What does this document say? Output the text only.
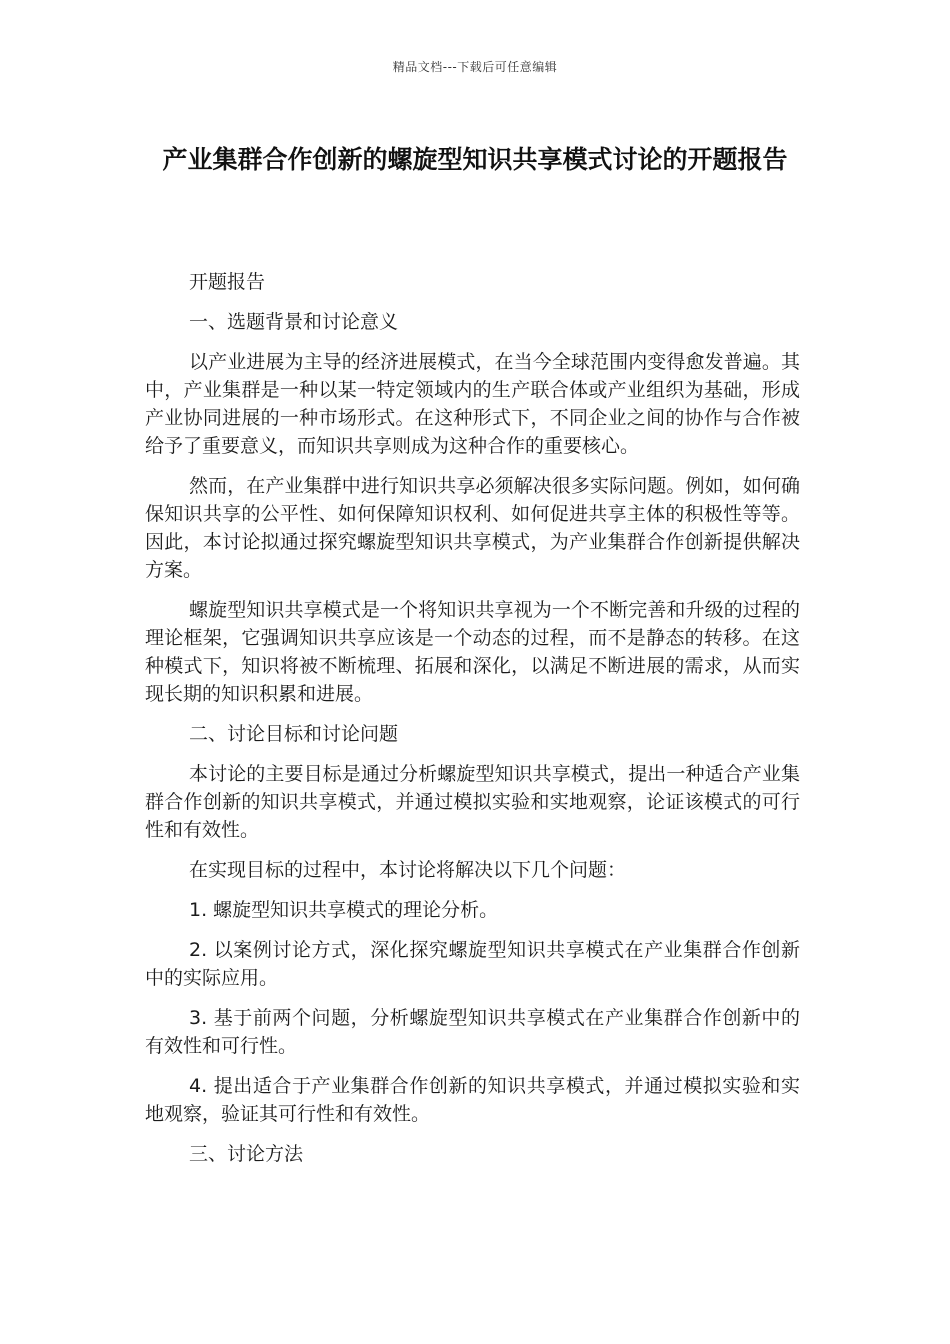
精品文档---下载后可任意编辑
产业集群合作创新的螺旋型知识共享模式讨论的开题报告

开题报告

一、选题背景和讨论意义

以产业进展为主导的经济进展模式，在当今全球范围内变得愈发普遍。其中，产业集群是一种以某一特定领域内的生产联合体或产业组织为基础，形成产业协同进展的一种市场形式。在这种形式下，不同企业之间的协作与合作被给予了重要意义，而知识共享则成为这种合作的重要核心。

然而，在产业集群中进行知识共享必须解决很多实际问题。例如，如何确保知识共享的公平性、如何保障知识权利、如何促进共享主体的积极性等等。因此，本讨论拟通过探究螺旋型知识共享模式，为产业集群合作创新提供解决方案。

螺旋型知识共享模式是一个将知识共享视为一个不断完善和升级的过程的理论框架，它强调知识共享应该是一个动态的过程，而不是静态的转移。在这种模式下，知识将被不断梳理、拓展和深化，以满足不断进展的需求，从而实现长期的知识积累和进展。

二、讨论目标和讨论问题

本讨论的主要目标是通过分析螺旋型知识共享模式，提出一种适合产业集群合作创新的知识共享模式，并通过模拟实验和实地观察，论证该模式的可行性和有效性。

在实现目标的过程中，本讨论将解决以下几个问题：

1. 螺旋型知识共享模式的理论分析。

2. 以案例讨论方式，深化探究螺旋型知识共享模式在产业集群合作创新中的实际应用。

3. 基于前两个问题，分析螺旋型知识共享模式在产业集群合作创新中的有效性和可行性。

4. 提出适合于产业集群合作创新的知识共享模式，并通过模拟实验和实地观察，验证其可行性和有效性。

三、讨论方法
